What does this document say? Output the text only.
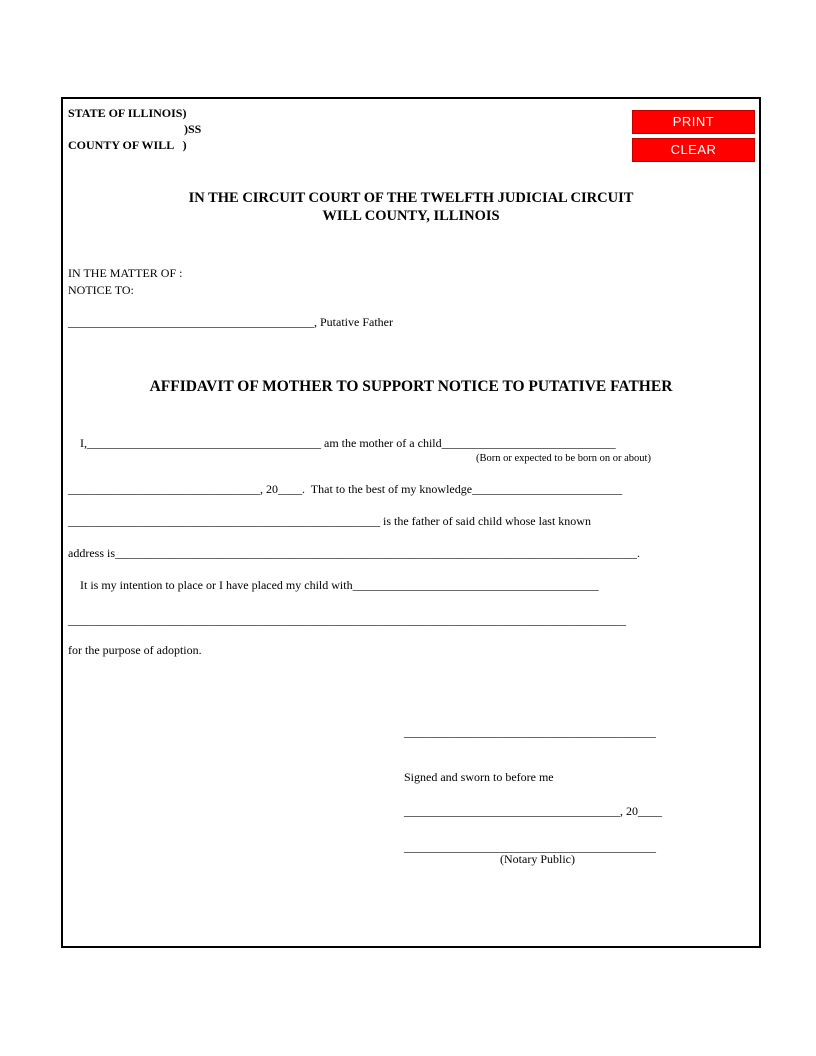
STATE OF ILLINOIS)
)SS
COUNTY OF WILL   )
PRINT
CLEAR
IN THE CIRCUIT COURT OF THE TWELFTH JUDICIAL CIRCUIT
WILL COUNTY, ILLINOIS
IN THE MATTER OF :
NOTICE TO:
_________________________________________, Putative Father
AFFIDAVIT OF MOTHER TO SUPPORT NOTICE TO PUTATIVE FATHER
I,_______________________________________ am the mother of a child_____________________________
(Born or expected to be born on or about)
________________________________, 20____.  That to the best of my knowledge_________________________
____________________________________________________ is the father of said child whose last known
address is_______________________________________________________________________________________.
It is my intention to place or I have placed my child with_________________________________________
_____________________________________________________________________________________________
for the purpose of adoption.
__________________________________________
Signed and sworn to before me
____________________________________, 20____
__________________________________________
(Notary Public)
